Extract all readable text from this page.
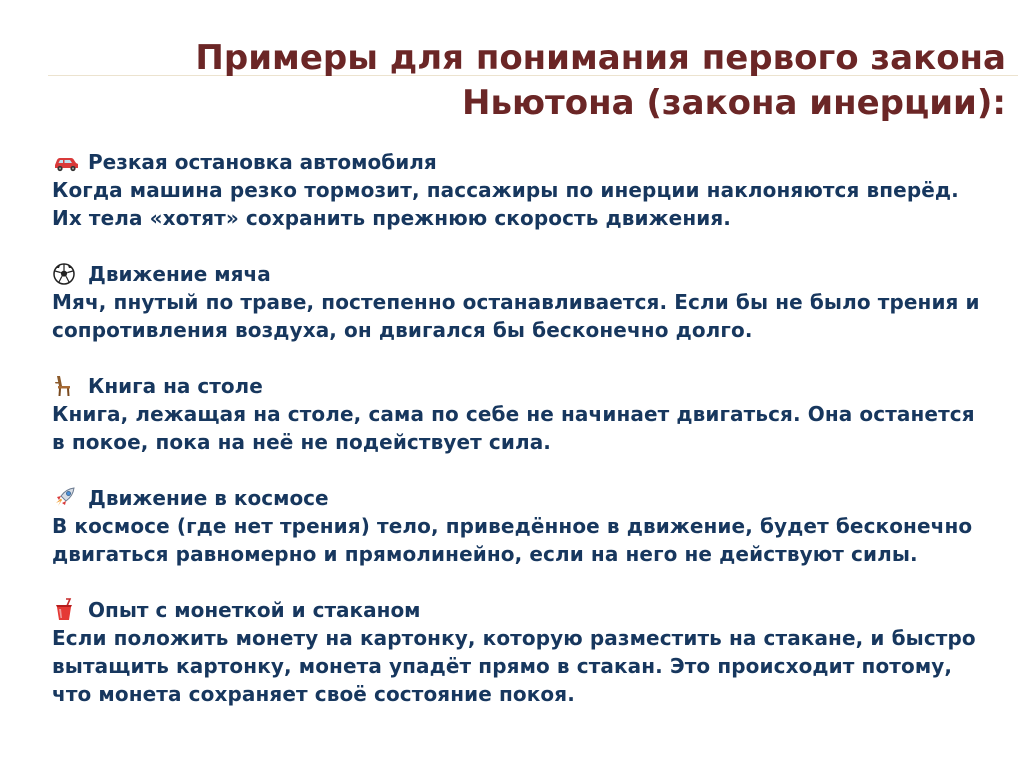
Примеры для понимания первого закона
Ньютона (закона инерции):
Резкая остановка автомобиля

Когда машина резко тормозит, пассажиры по инерции наклоняются вперёд. Их тела «хотят» сохранить прежнюю скорость движения.

Движение мяча

Мяч, пнутый по траве, постепенно останавливается. Если бы не было трения и сопротивления воздуха, он двигался бы бесконечно долго.

Книга на столе

Книга, лежащая на столе, сама по себе не начинает двигаться. Она останется в покое, пока на неё не подействует сила.

Движение в космосе

В космосе (где нет трения) тело, приведённое в движение, будет бесконечно двигаться равномерно и прямолинейно, если на него не действуют силы.

Опыт с монеткой и стаканом

Если положить монету на картонку, которую разместить на стакане, и быстро вытащить картонку, монета упадёт прямо в стакан. Это происходит потому, что монета сохраняет своё состояние покоя.
